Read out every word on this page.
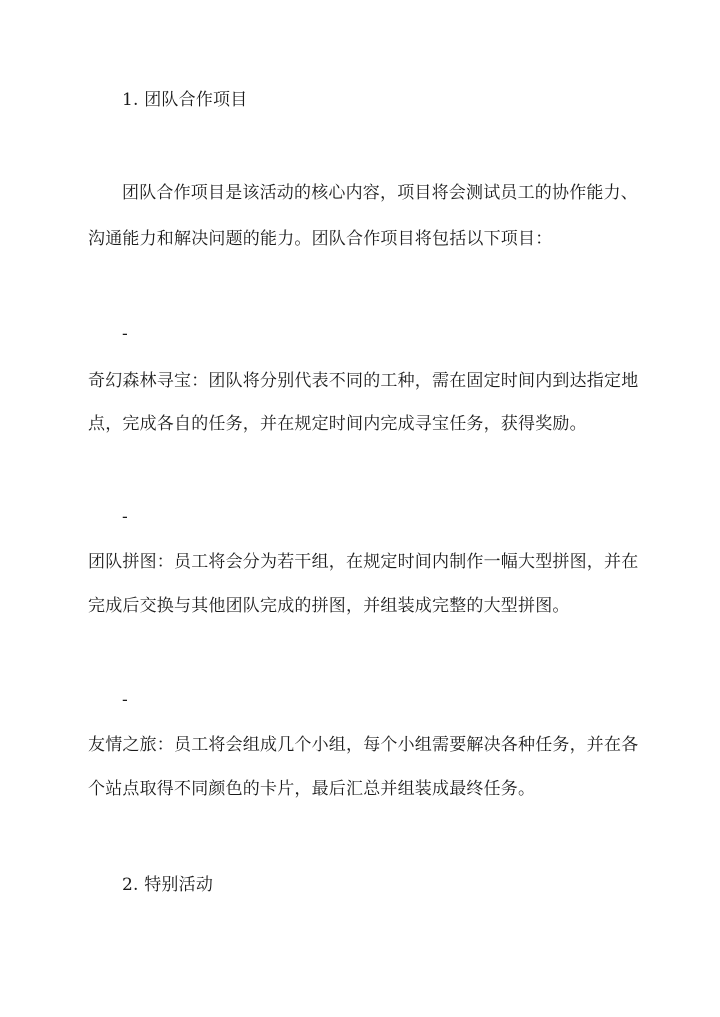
1. 团队合作项目
团队合作项目是该活动的核心内容，项目将会测试员工的协作能力、
沟通能力和解决问题的能力。团队合作项目将包括以下项目：
-
奇幻森林寻宝：团队将分别代表不同的工种，需在固定时间内到达指定地
点，完成各自的任务，并在规定时间内完成寻宝任务，获得奖励。
-
团队拼图：员工将会分为若干组，在规定时间内制作一幅大型拼图，并在
完成后交换与其他团队完成的拼图，并组装成完整的大型拼图。
-
友情之旅：员工将会组成几个小组，每个小组需要解决各种任务，并在各
个站点取得不同颜色的卡片，最后汇总并组装成最终任务。
2. 特别活动
